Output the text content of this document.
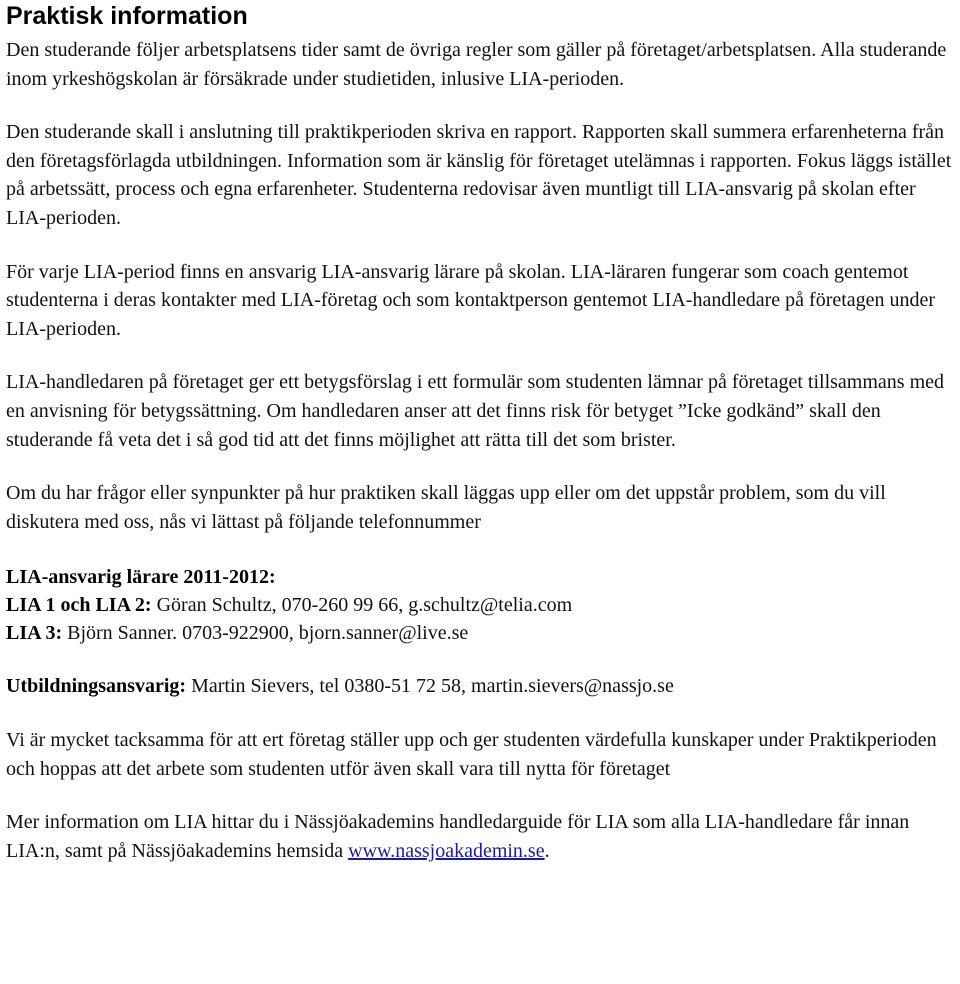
Praktisk information

Den studerande följer arbetsplatsens tider samt de övriga regler som gäller på företaget/arbetsplatsen. Alla studerande inom yrkeshögskolan är försäkrade under studietiden, inlusive LIA-perioden.

Den studerande skall i anslutning till praktikperioden skriva en rapport. Rapporten skall summera erfarenheterna från den företagsförlagda utbildningen. Information som är känslig för företaget utelämnas i rapporten. Fokus läggs istället på arbetssätt, process och egna erfarenheter. Studenterna redovisar även muntligt till LIA-ansvarig på skolan efter LIA-perioden.

För varje LIA-period finns en ansvarig LIA-ansvarig lärare på skolan. LIA-läraren fungerar som coach gentemot studenterna i deras kontakter med LIA-företag och som kontaktperson gentemot LIA-handledare på företagen under LIA-perioden.

LIA-handledaren på företaget ger ett betygsförslag i ett formulär som studenten lämnar på företaget tillsammans med en anvisning för betygssättning. Om handledaren anser att det finns risk för betyget ”Icke godkänd” skall den studerande få veta det i så god tid att det finns möjlighet att rätta till det som brister.

Om du har frågor eller synpunkter på hur praktiken skall läggas upp eller om det uppstår problem, som du vill diskutera med oss, nås vi lättast på följande telefonnummer

LIA-ansvarig lärare 2011-2012:

LIA 1 och LIA 2: Göran Schultz, 070-260 99 66, g.schultz@telia.com

LIA 3: Björn Sanner. 0703-922900, bjorn.sanner@live.se

Utbildningsansvarig: Martin Sievers, tel 0380-51 72 58, martin.sievers@nassjo.se

Vi är mycket tacksamma för att ert företag ställer upp och ger studenten värdefulla kunskaper under Praktikperioden och hoppas att det arbete som studenten utför även skall vara till nytta för företaget

Mer information om LIA hittar du i Nässjöakademins handledarguide för LIA som alla LIA-handledare får innan LIA:n, samt på Nässjöakademins hemsida www.nassjoakademin.se.
